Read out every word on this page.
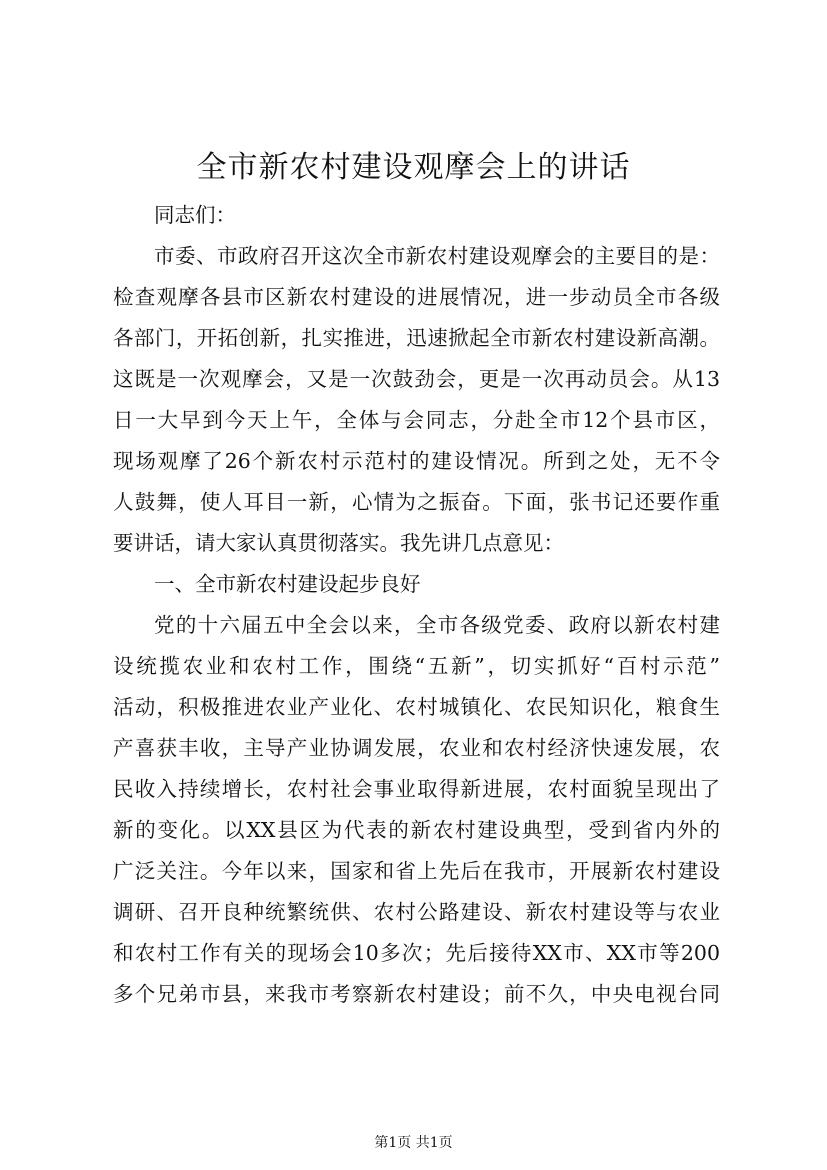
全市新农村建设观摩会上的讲话
同志们：
市委、市政府召开这次全市新农村建设观摩会的主要目的是：
检查观摩各县市区新农村建设的进展情况，进一步动员全市各级
各部门，开拓创新，扎实推进，迅速掀起全市新农村建设新高潮。
这既是一次观摩会，又是一次鼓劲会，更是一次再动员会。从13
日一大早到今天上午，全体与会同志，分赴全市12个县市区，
现场观摩了26个新农村示范村的建设情况。所到之处，无不令
人鼓舞，使人耳目一新，心情为之振奋。下面，张书记还要作重
要讲话，请大家认真贯彻落实。我先讲几点意见：
一、全市新农村建设起步良好
党的十六届五中全会以来，全市各级党委、政府以新农村建
设统揽农业和农村工作，围绕“五新”，切实抓好“百村示范”
活动，积极推进农业产业化、农村城镇化、农民知识化，粮食生
产喜获丰收，主导产业协调发展，农业和农村经济快速发展，农
民收入持续增长，农村社会事业取得新进展，农村面貌呈现出了
新的变化。以XX县区为代表的新农村建设典型，受到省内外的
广泛关注。今年以来，国家和省上先后在我市，开展新农村建设
调研、召开良种统繁统供、农村公路建设、新农村建设等与农业
和农村工作有关的现场会10多次；先后接待XX市、XX市等200
多个兄弟市县，来我市考察新农村建设；前不久，中央电视台同
第1页 共1页
